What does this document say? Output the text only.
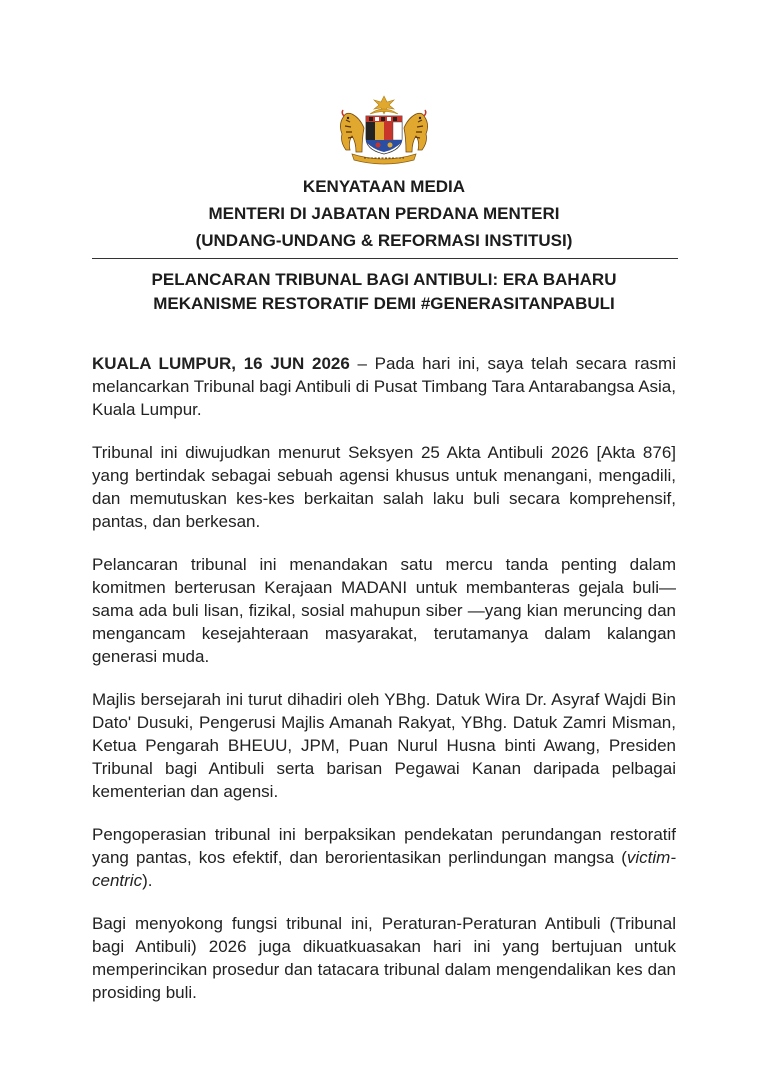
KENYATAAN MEDIA
MENTERI DI JABATAN PERDANA MENTERI
(UNDANG-UNDANG & REFORMASI INSTITUSI)
PELANCARAN TRIBUNAL BAGI ANTIBULI: ERA BAHARU
MEKANISME RESTORATIF DEMI #GENERASITANPABULI

KUALA LUMPUR, 16 JUN 2026 – Pada hari ini, saya telah secara rasmi melancarkan Tribunal bagi Antibuli di Pusat Timbang Tara Antarabangsa Asia, Kuala Lumpur.

Tribunal ini diwujudkan menurut Seksyen 25 Akta Antibuli 2026 [Akta 876] yang bertindak sebagai sebuah agensi khusus untuk menangani, mengadili, dan memutuskan kes-kes berkaitan salah laku buli secara komprehensif, pantas, dan berkesan.

Pelancaran tribunal ini menandakan satu mercu tanda penting dalam komitmen berterusan Kerajaan MADANI untuk membanteras gejala buli—sama ada buli lisan, fizikal, sosial mahupun siber —yang kian meruncing dan mengancam kesejahteraan masyarakat, terutamanya dalam kalangan generasi muda.

Majlis bersejarah ini turut dihadiri oleh YBhg. Datuk Wira Dr. Asyraf Wajdi Bin Dato' Dusuki, Pengerusi Majlis Amanah Rakyat, YBhg. Datuk Zamri Misman, Ketua Pengarah BHEUU, JPM, Puan Nurul Husna binti Awang, Presiden Tribunal bagi Antibuli serta barisan Pegawai Kanan daripada pelbagai kementerian dan agensi.

Pengoperasian tribunal ini berpaksikan pendekatan perundangan restoratif yang pantas, kos efektif, dan berorientasikan perlindungan mangsa (victim-centric).

Bagi menyokong fungsi tribunal ini, Peraturan-Peraturan Antibuli (Tribunal bagi Antibuli) 2026 juga dikuatkuasakan hari ini yang bertujuan untuk memperincikan prosedur dan tatacara tribunal dalam mengendalikan kes dan prosiding buli.
